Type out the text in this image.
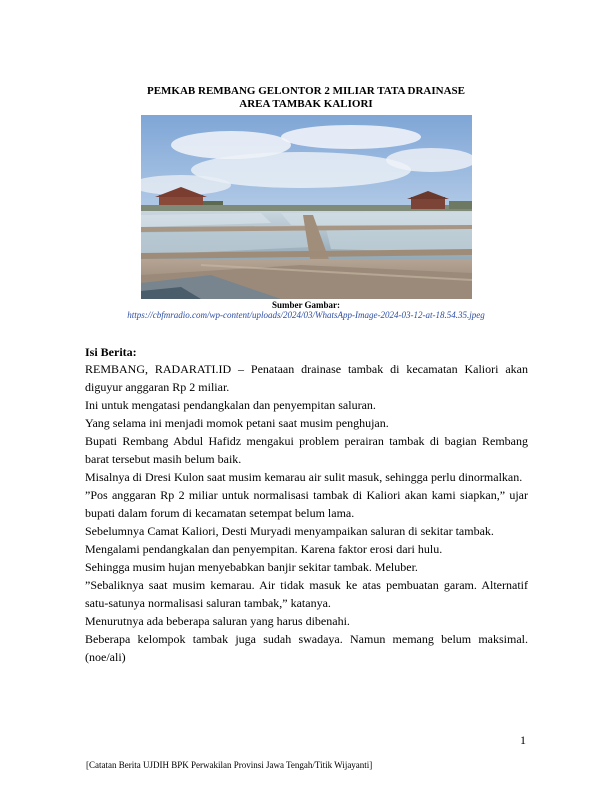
PEMKAB REMBANG GELONTOR 2 MILIAR TATA DRAINASE
AREA TAMBAK KALIORI
Sumber Gambar:
https://cbfmradio.com/wp-content/uploads/2024/03/WhatsApp-Image-2024-03-12-at-18.54.35.jpeg
Isi Berita:

REMBANG, RADARATI.ID – Penataan drainase tambak di kecamatan Kaliori akan diguyur anggaran Rp 2 miliar.

Ini untuk mengatasi pendangkalan dan penyempitan saluran.

Yang selama ini menjadi momok petani saat musim penghujan.

Bupati Rembang Abdul Hafidz mengakui problem perairan tambak di bagian Rembang barat tersebut masih belum baik.

Misalnya di Dresi Kulon saat musim kemarau air sulit masuk, sehingga perlu dinormalkan.

”Pos anggaran Rp 2 miliar untuk normalisasi tambak di Kaliori akan kami siapkan,” ujar bupati dalam forum di kecamatan setempat belum lama.

Sebelumnya Camat Kaliori, Desti Muryadi menyampaikan saluran di sekitar tambak.

Mengalami pendangkalan dan penyempitan. Karena faktor erosi dari hulu.

Sehingga musim hujan menyebabkan banjir sekitar tambak. Meluber.

”Sebaliknya saat musim kemarau. Air tidak masuk ke atas pembuatan garam. Alternatif satu-satunya normalisasi saluran tambak,” katanya.

Menurutnya ada beberapa saluran yang harus dibenahi.

Beberapa kelompok tambak juga sudah swadaya. Namun memang belum maksimal. (noe/ali)

1
[Catatan Berita UJDIH BPK Perwakilan Provinsi Jawa Tengah/Titik Wijayanti]
